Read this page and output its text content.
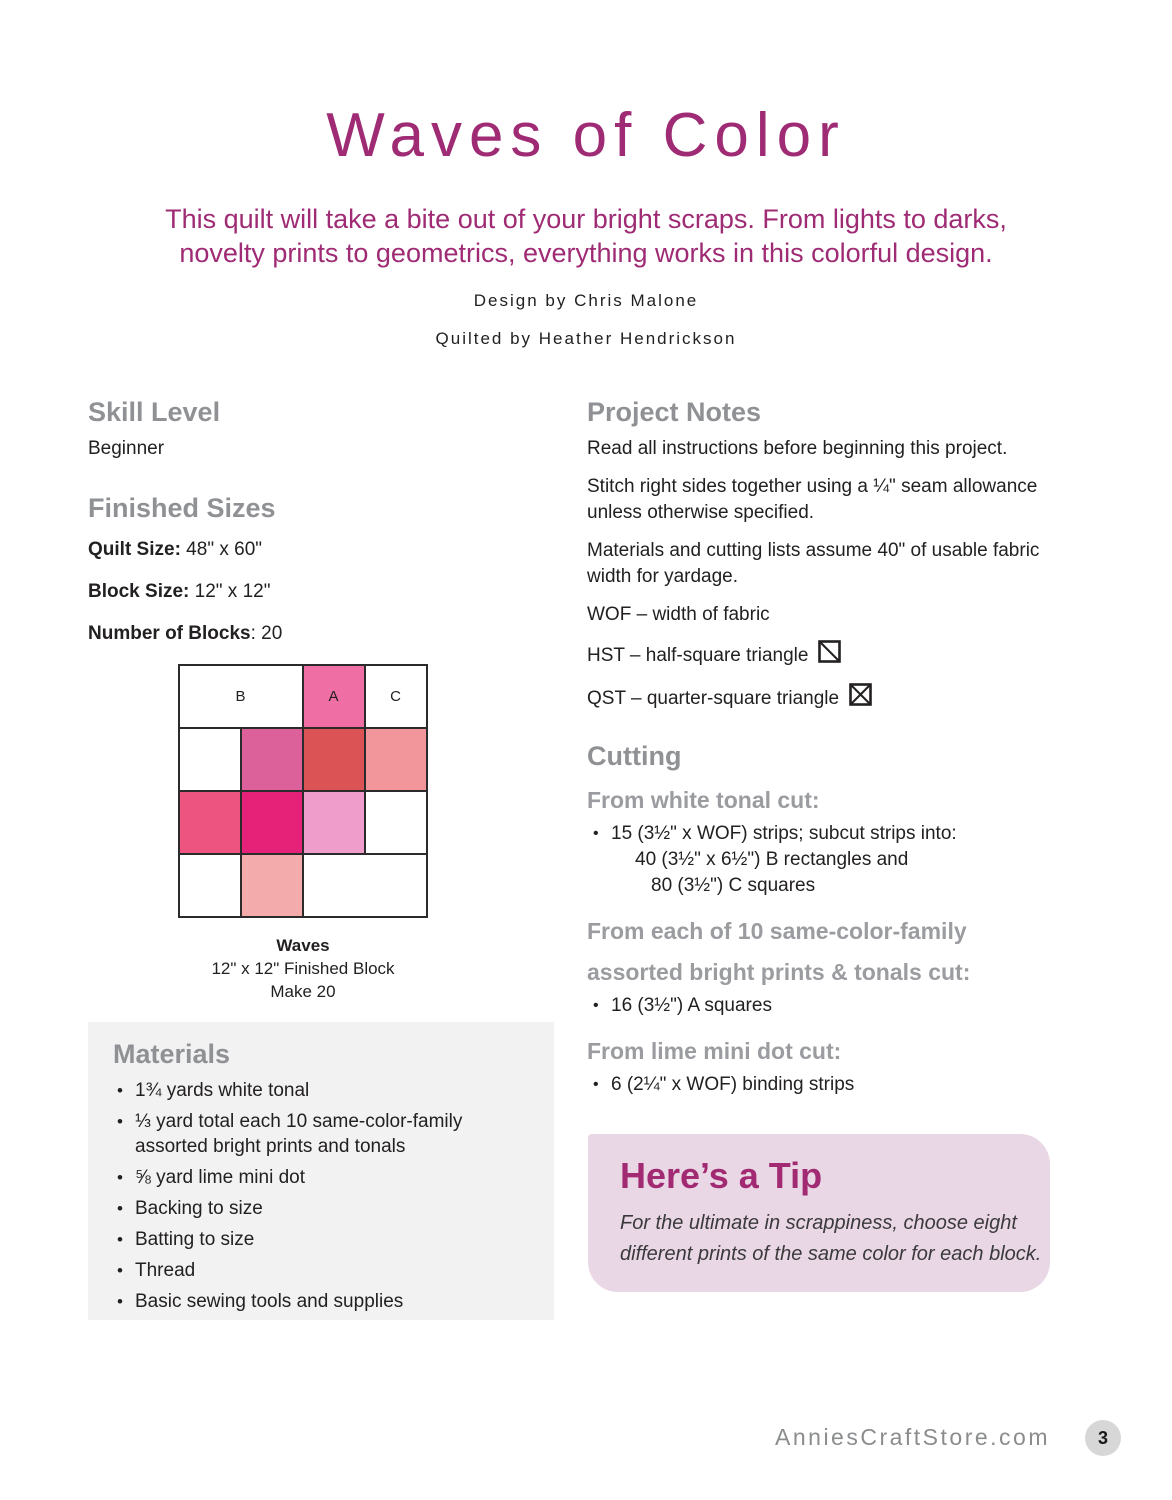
Waves of Color
This quilt will take a bite out of your bright scraps. From lights to darks,
novelty prints to geometrics, everything works in this colorful design.
Design by Chris Malone
Quilted by Heather Hendrickson
Skill Level
Beginner
Finished Sizes
Quilt Size: 48" x 60"
Block Size: 12" x 12"
Number of Blocks: 20
B	A	C
Waves
12" x 12" Finished Block
Make 20
Materials
• 1¾ yards white tonal
• ⅓ yard total each 10 same-color-family assorted bright prints and tonals
• ⅝ yard lime mini dot
• Backing to size
• Batting to size
• Thread
• Basic sewing tools and supplies
Project Notes

Read all instructions before beginning this project.

Stitch right sides together using a ¼" seam allowance unless otherwise specified.

Materials and cutting lists assume 40" of usable fabric width for yardage.

WOF – width of fabric

HST – half-square triangle
QST – quarter-square triangle
Cutting
From white tonal cut:
• 15 (3½" x WOF) strips; subcut strips into:
40 (3½" x 6½") B rectangles and
80 (3½") C squares
From each of 10 same-color-family
assorted bright prints & tonals cut:
• 16 (3½") A squares
From lime mini dot cut:
• 6 (2¼" x WOF) binding strips
Here’s a Tip
For the ultimate in scrappiness, choose eight
different prints of the same color for each block.
AnniesCraftStore.com	3
